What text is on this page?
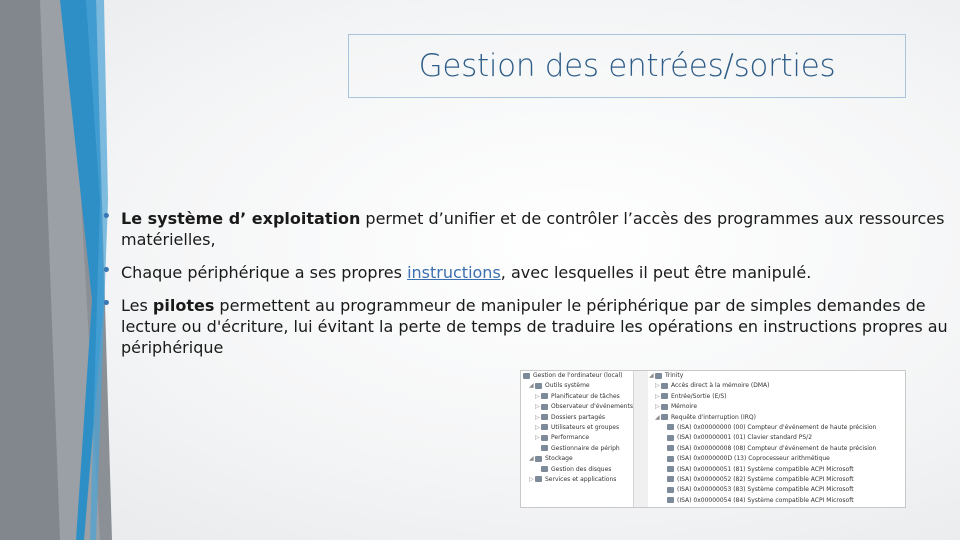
Gestion des entrées/sorties
• Le système d’ exploitation permet d’unifier et de contrôler l’accès des programmes aux ressources matérielles,
• Chaque périphérique a ses propres instructions, avec lesquelles il peut être manipulé.
• Les pilotes permettent au programmeur de manipuler le périphérique par de simples demandes de lecture ou d'écriture, lui évitant la perte de temps de traduire les opérations en instructions propres au périphérique
Gestion de l'ordinateur (local)
◢ Outils système
▷ Planificateur de tâches
▷ Observateur d'événements
▷ Dossiers partagés
▷ Utilisateurs et groupes
▷ Performance
Gestionnaire de périph
◢ Stockage
Gestion des disques
▷ Services et applications
◢ Trinity
▷ Accès direct à la mémoire (DMA)
▷ Entrée/Sortie (E/S)
▷ Mémoire
◢ Requête d'interruption (IRQ)
(ISA) 0x00000000 (00) Compteur d'événement de haute précision
(ISA) 0x00000001 (01) Clavier standard PS/2
(ISA) 0x00000008 (08) Compteur d'événement de haute précision
(ISA) 0x0000000D (13) Coprocesseur arithmétique
(ISA) 0x00000051 (81) Système compatible ACPI Microsoft
(ISA) 0x00000052 (82) Système compatible ACPI Microsoft
(ISA) 0x00000053 (83) Système compatible ACPI Microsoft
(ISA) 0x00000054 (84) Système compatible ACPI Microsoft
